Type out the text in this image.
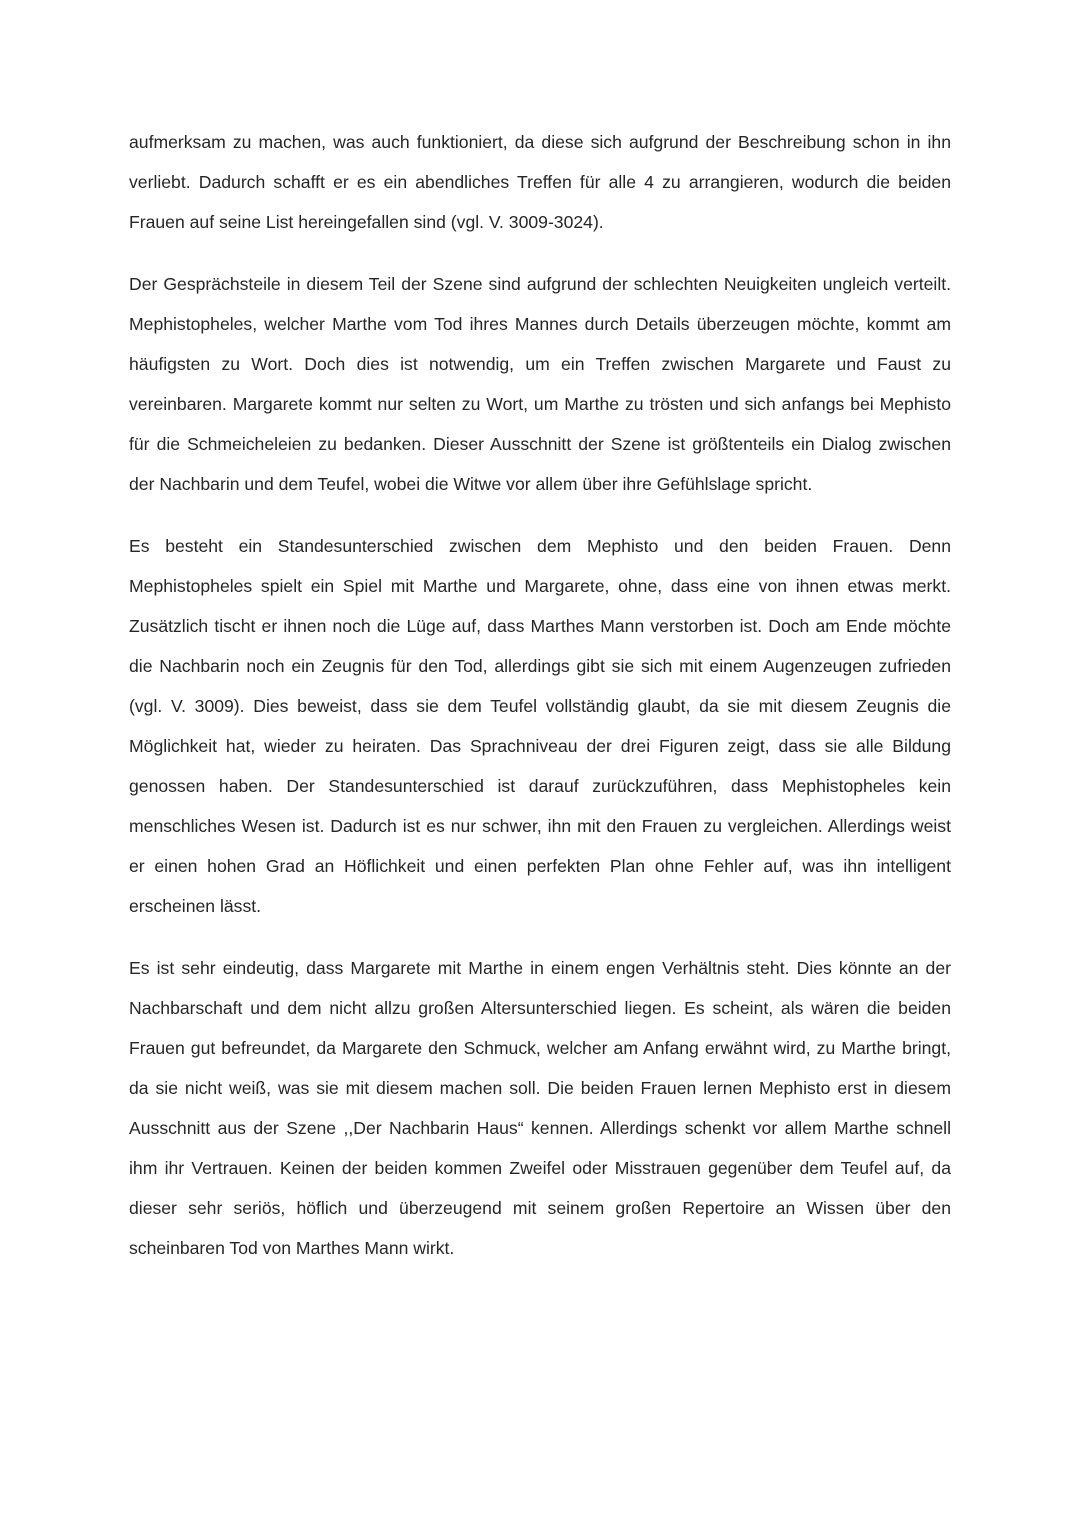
aufmerksam zu machen, was auch funktioniert, da diese sich aufgrund der Beschreibung schon in ihn verliebt. Dadurch schafft er es ein abendliches Treffen für alle 4 zu arrangieren, wodurch die beiden Frauen auf seine List hereingefallen sind (vgl. V. 3009-3024).

Der Gesprächsteile in diesem Teil der Szene sind aufgrund der schlechten Neuigkeiten ungleich verteilt. Mephistopheles, welcher Marthe vom Tod ihres Mannes durch Details überzeugen möchte, kommt am häufigsten zu Wort. Doch dies ist notwendig, um ein Treffen zwischen Margarete und Faust zu vereinbaren. Margarete kommt nur selten zu Wort, um Marthe zu trösten und sich anfangs bei Mephisto für die Schmeicheleien zu bedanken. Dieser Ausschnitt der Szene ist größtenteils ein Dialog zwischen der Nachbarin und dem Teufel, wobei die Witwe vor allem über ihre Gefühlslage spricht.

Es besteht ein Standesunterschied zwischen dem Mephisto und den beiden Frauen. Denn Mephistopheles spielt ein Spiel mit Marthe und Margarete, ohne, dass eine von ihnen etwas merkt. Zusätzlich tischt er ihnen noch die Lüge auf, dass Marthes Mann verstorben ist. Doch am Ende möchte die Nachbarin noch ein Zeugnis für den Tod, allerdings gibt sie sich mit einem Augenzeugen zufrieden (vgl. V. 3009). Dies beweist, dass sie dem Teufel vollständig glaubt, da sie mit diesem Zeugnis die Möglichkeit hat, wieder zu heiraten. Das Sprachniveau der drei Figuren zeigt, dass sie alle Bildung genossen haben. Der Standesunterschied ist darauf zurückzuführen, dass Mephistopheles kein menschliches Wesen ist. Dadurch ist es nur schwer, ihn mit den Frauen zu vergleichen. Allerdings weist er einen hohen Grad an Höflichkeit und einen perfekten Plan ohne Fehler auf, was ihn intelligent erscheinen lässt.

Es ist sehr eindeutig, dass Margarete mit Marthe in einem engen Verhältnis steht. Dies könnte an der Nachbarschaft und dem nicht allzu großen Altersunterschied liegen. Es scheint, als wären die beiden Frauen gut befreundet, da Margarete den Schmuck, welcher am Anfang erwähnt wird, zu Marthe bringt, da sie nicht weiß, was sie mit diesem machen soll. Die beiden Frauen lernen Mephisto erst in diesem Ausschnitt aus der Szene ,,Der Nachbarin Haus“ kennen. Allerdings schenkt vor allem Marthe schnell ihm ihr Vertrauen. Keinen der beiden kommen Zweifel oder Misstrauen gegenüber dem Teufel auf, da dieser sehr seriös, höflich und überzeugend mit seinem großen Repertoire an Wissen über den scheinbaren Tod von Marthes Mann wirkt.
